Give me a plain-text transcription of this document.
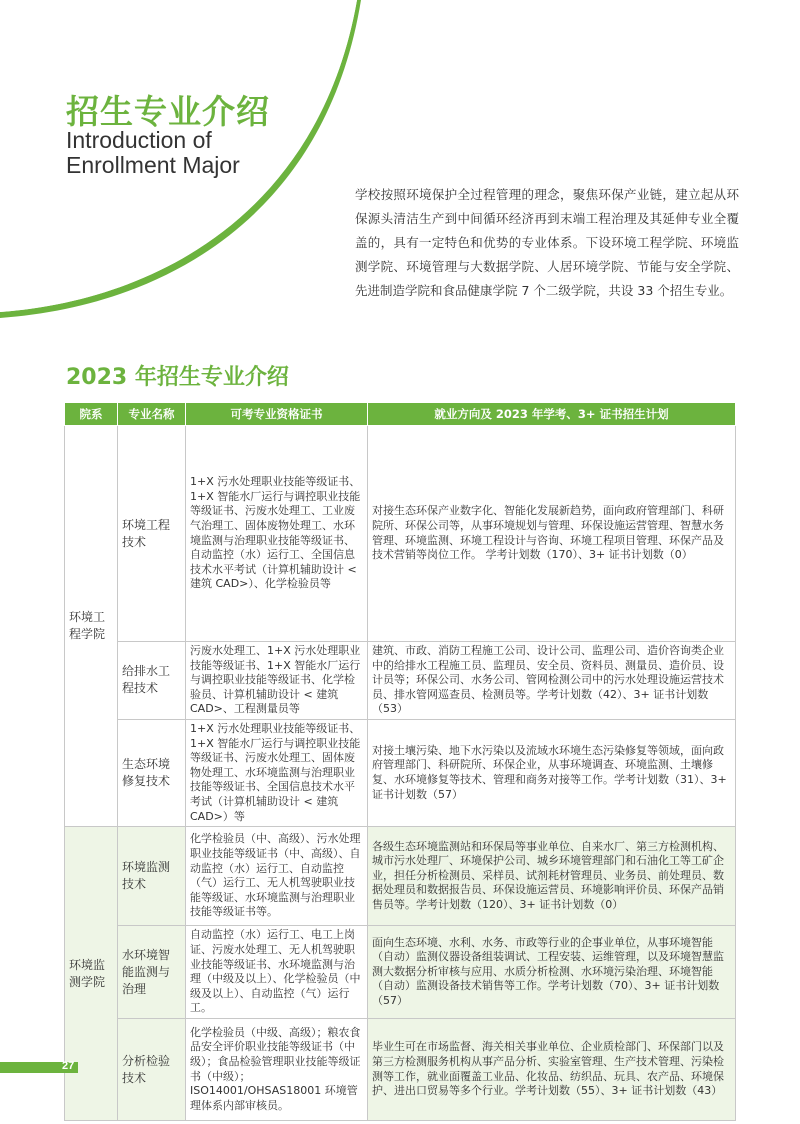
招生专业介绍
Introduction of
Enrollment Major

学校按照环境保护全过程管理的理念，聚焦环保产业链，建立起从环保源头清洁生产到中间循环经济再到末端工程治理及其延伸专业全覆盖的，具有一定特色和优势的专业体系。下设环境工程学院、环境监测学院、环境管理与大数据学院、人居环境学院、节能与安全学院、先进制造学院和食品健康学院 7 个二级学院，共设 33 个招生专业。

2023 年招生专业介绍
院系	专业名称	可考专业资格证书	就业方向及 2023 年学考、3+ 证书招生计划
环境工程学院	环境工程技术	1+X 污水处理职业技能等级证书、1+X 智能水厂运行与调控职业技能等级证书、污废水处理工、工业废气治理工、固体废物处理工、水环境监测与治理职业技能等级证书、自动监控（水）运行工、全国信息技术水平考试（计算机辅助设计 < 建筑 CAD>）、化学检验员等	对接生态环保产业数字化、智能化发展新趋势，面向政府管理部门、科研院所、环保公司等，从事环境规划与管理、环保设施运营管理、智慧水务管理、环境监测、环境工程设计与咨询、环境工程项目管理、环保产品及技术营销等岗位工作。 学考计划数（170）、3+ 证书计划数（0）
	给排水工程技术	污废水处理工、1+X 污水处理职业技能等级证书、1+X 智能水厂运行与调控职业技能等级证书、化学检验员、计算机辅助设计 < 建筑 CAD>、工程测量员等	建筑、市政、消防工程施工公司、设计公司、监理公司、造价咨询类企业中的给排水工程施工员、监理员、安全员、资料员、测量员、造价员、设计员等；环保公司、水务公司、管网检测公司中的污水处理设施运营技术员、排水管网巡查员、检测员等。学考计划数（42）、3+ 证书计划数（53）
	生态环境修复技术	1+X 污水处理职业技能等级证书、1+X 智能水厂运行与调控职业技能等级证书、污废水处理工、固体废物处理工、水环境监测与治理职业技能等级证书、全国信息技术水平考试（计算机辅助设计 < 建筑 CAD>）等	对接土壤污染、地下水污染以及流域水环境生态污染修复等领域，面向政府管理部门、科研院所、环保企业，从事环境调查、环境监测、土壤修复、水环境修复等技术、管理和商务对接等工作。学考计划数（31）、3+ 证书计划数（57）
环境监测学院	环境监测技术	化学检验员（中、高级）、污水处理职业技能等级证书（中、高级）、自动监控（水）运行工、自动监控（气）运行工、无人机驾驶职业技能等级证、水环境监测与治理职业技能等级证书等。	各级生态环境监测站和环保局等事业单位、自来水厂、第三方检测机构、城市污水处理厂、环境保护公司、城乡环境管理部门和石油化工等工矿企业，担任分析检测员、采样员、试剂耗材管理员、业务员、前处理员、数据处理员和数据报告员、环保设施运营员、环境影响评价员、环保产品销售员等。学考计划数（120）、3+ 证书计划数（0）
	水环境智能监测与治理	自动监控（水）运行工、电工上岗证、污废水处理工、无人机驾驶职业技能等级证书、水环境监测与治理（中级及以上）、化学检验员（中级及以上）、自动监控（气）运行工。	面向生态环境、水利、水务、市政等行业的企事业单位，从事环境智能（自动）监测仪器设备组装调试、工程安装、运维管理，以及环境智慧监测大数据分析审核与应用、水质分析检测、水环境污染治理、环境智能（自动）监测设备技术销售等工作。学考计划数（70）、3+ 证书计划数（57）
	分析检验技术	化学检验员（中级、高级）；粮农食品安全评价职业技能等级证书（中级）；食品检验管理职业技能等级证书（中级）；ISO14001/OHSAS18001 环境管理体系内部审核员。	毕业生可在市场监督、海关相关事业单位、企业质检部门、环保部门以及第三方检测服务机构从事产品分析、实验室管理、生产技术管理、污染检测等工作，就业面覆盖工业品、化妆品、纺织品、玩具、农产品、环境保护、进出口贸易等多个行业。学考计划数（55）、3+ 证书计划数（43）
27
